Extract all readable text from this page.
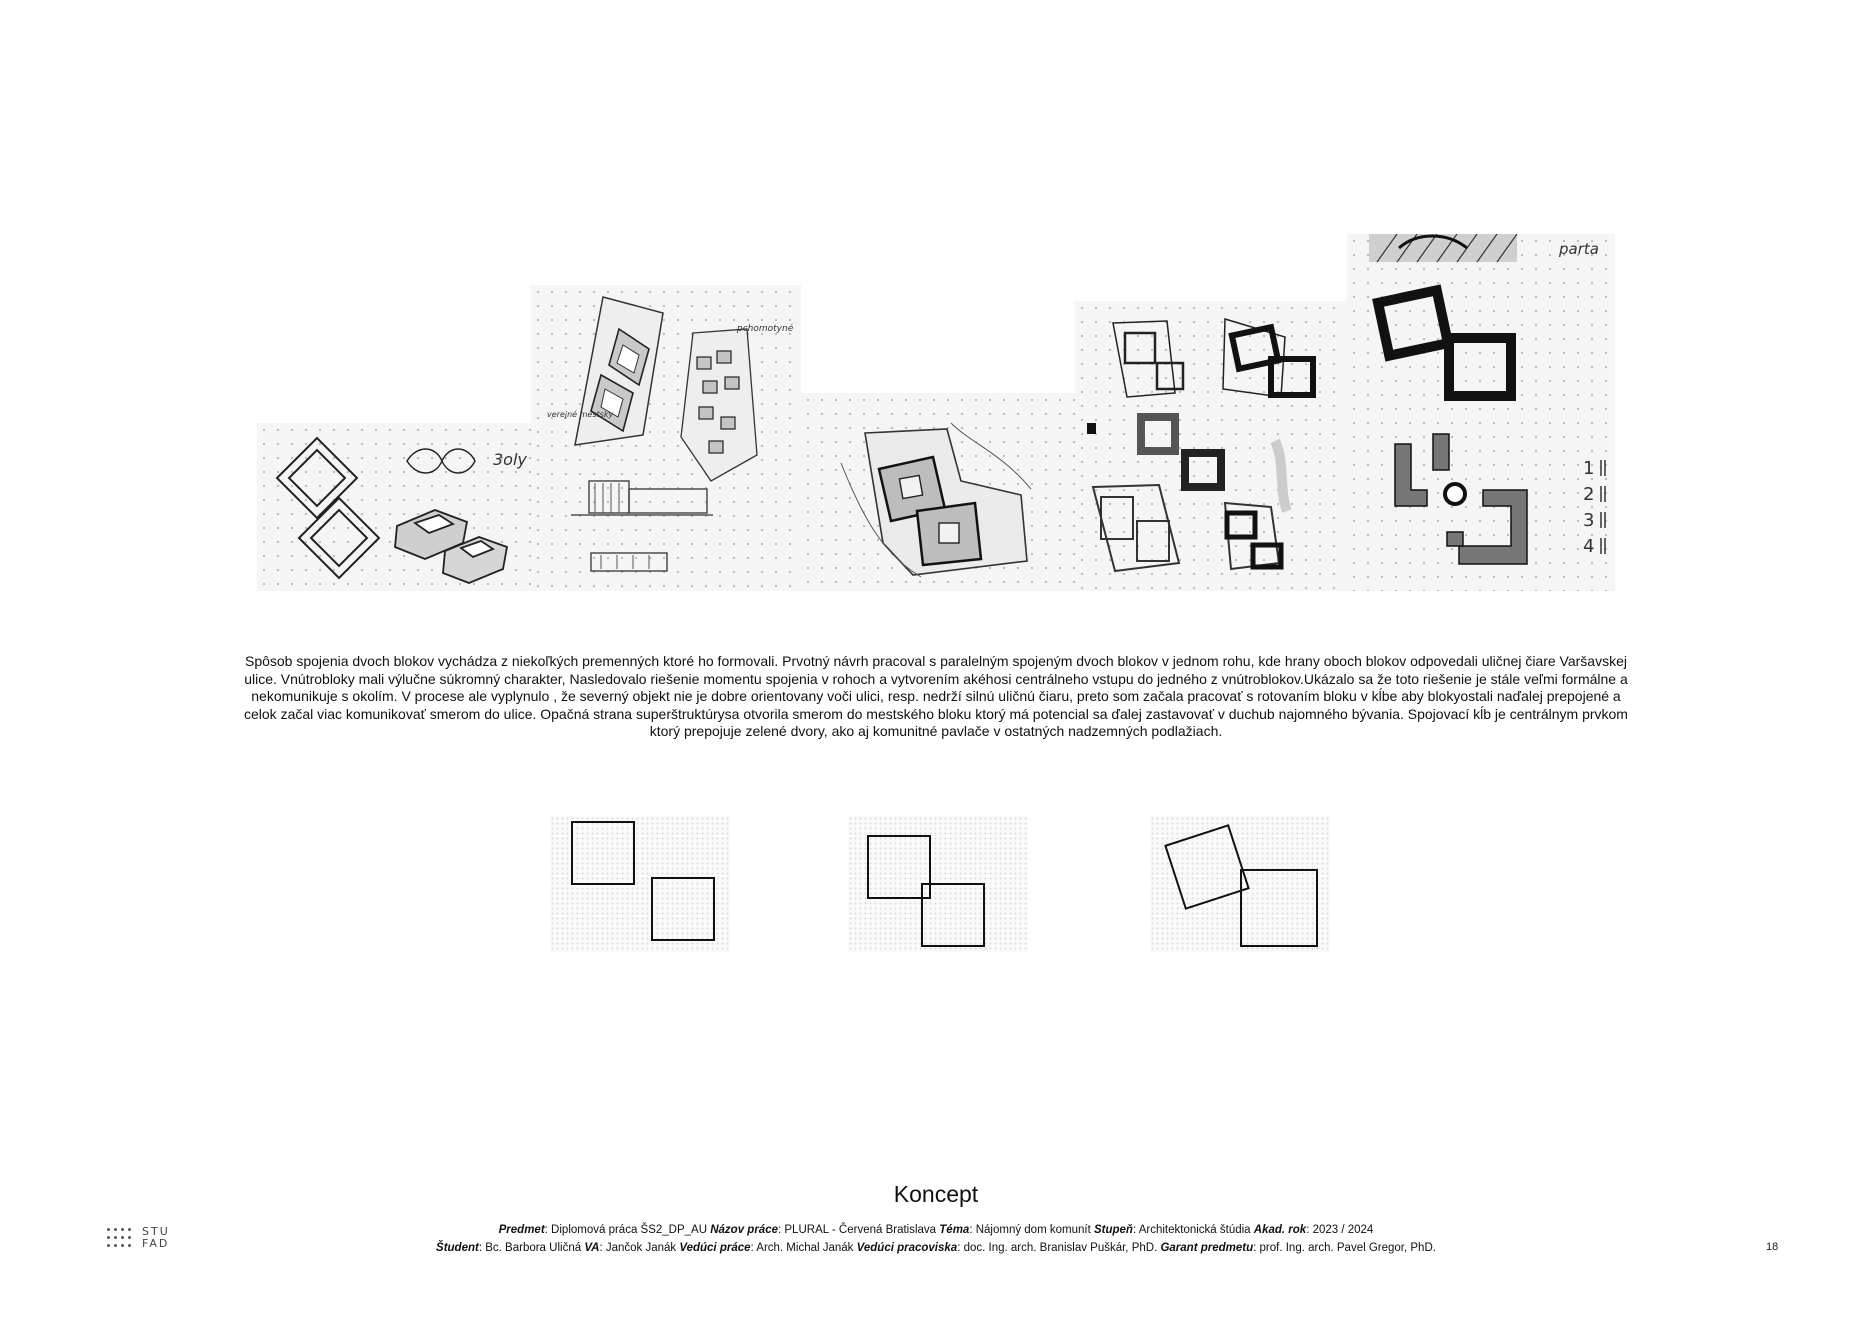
3oly
pchomotyné
verejné mestsky
parta
1
2
3
4
Spôsob spojenia dvoch blokov vychádza z niekoľkých premenných ktoré ho formovali. Prvotný návrh pracoval s paralelným spojeným dvoch blokov v jednom rohu, kde hrany oboch blokov odpovedali uličnej čiare Varšavskej ulice. Vnútrobloky mali výlučne súkromný charakter, Nasledovalo riešenie momentu spojenia v rohoch a vytvorením akéhosi centrálneho vstupu do jedného z vnútroblokov.Ukázalo sa že toto riešenie je stále veľmi formálne a nekomunikuje s okolím. V procese ale vyplynulo , že severný objekt nie je dobre orientovany voči ulici, resp. nedrží silnú uličnú čiaru, preto som začala pracovať s rotovaním bloku v kĺbe aby blokyostali naďalej prepojené a celok začal viac komunikovať smerom do ulice. Opačná strana superštruktúrysa otvorila smerom do mestského bloku ktorý má potencial sa ďalej zastavovať v duchub najomného bývania. Spojovací kĺb je centrálnym prvkom ktorý prepojuje zelené dvory, ako aj komunitné pavlače v ostatných nadzemných podlažiach.
Koncept
Predmet: Diplomová práca ŠS2_DP_AU Názov práce: PLURAL - Červená Bratislava Téma: Nájomný dom komunít Stupeň: Architektonická štúdia Akad. rok: 2023 / 2024
Študent: Bc. Barbora Uličná VA: Jančok Janák Vedúci práce: Arch. Michal Janák Vedúci pracoviska: doc. Ing. arch. Branislav Puškár, PhD. Garant predmetu: prof. Ing. arch. Pavel Gregor, PhD.
STU
FAD	18
